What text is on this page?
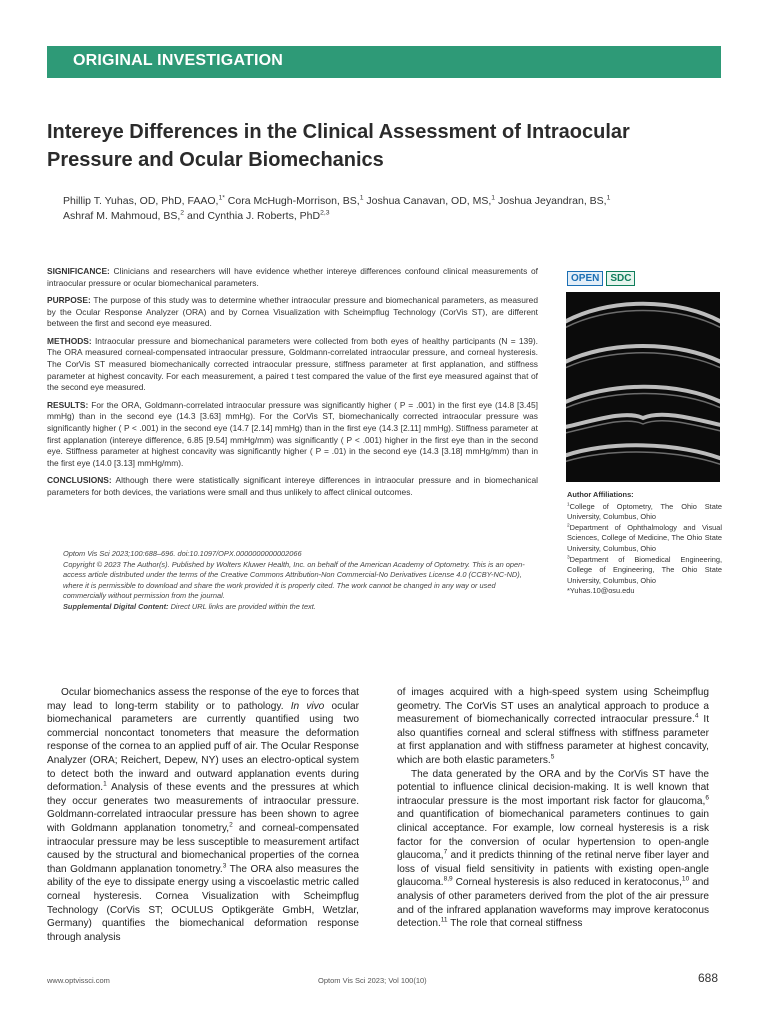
ORIGINAL INVESTIGATION
Intereye Differences in the Clinical Assessment of Intraocular Pressure and Ocular Biomechanics
Phillip T. Yuhas, OD, PhD, FAAO,$^{1*}$ Cora McHugh-Morrison, BS,$^1$ Joshua Canavan, OD, MS,$^1$ Joshua Jeyandran, BS,$^1$
Ashraf M. Mahmoud, BS,$^2$ and Cynthia J. Roberts, PhD$^{2,3}$

SIGNIFICANCE: Clinicians and researchers will have evidence whether intereye differences confound clinical measurements of intraocular pressure or ocular biomechanical parameters.

PURPOSE: The purpose of this study was to determine whether intraocular pressure and biomechanical parameters, as measured by the Ocular Response Analyzer (ORA) and by Cornea Visualization with Scheimpflug Technology (CorVis ST), are different between the first and second eye measured.

METHODS: Intraocular pressure and biomechanical parameters were collected from both eyes of healthy participants (N = 139). The ORA measured corneal-compensated intraocular pressure, Goldmann-correlated intraocular pressure, and corneal hysteresis. The CorVis ST measured biomechanically corrected intraocular pressure, stiffness parameter at first applanation, and stiffness parameter at highest concavity. For each measurement, a paired t test compared the value of the first eye measured against that of the second eye measured.

RESULTS: For the ORA, Goldmann-correlated intraocular pressure was significantly higher ( P = .001) in the first eye (14.8 [3.45] mmHg) than in the second eye (14.3 [3.63] mmHg). For the CorVis ST, biomechanically corrected intraocular pressure was significantly higher ( P < .001) in the second eye (14.7 [2.14] mmHg) than in the first eye (14.3 [2.11] mmHg). Stiffness parameter at first applanation (intereye difference, 6.85 [9.54] mmHg/mm) was significantly ( P < .001) higher in the first eye than in the second eye. Stiffness parameter at highest concavity was significantly higher ( P = .01) in the second eye (14.3 [3.18] mmHg/mm) than in the first eye (14.0 [3.13] mmHg/mm).

CONCLUSIONS: Although there were statistically significant intereye differences in intraocular pressure and in biomechanical parameters for both devices, the variations were small and thus unlikely to affect clinical outcomes.

Optom Vis Sci 2023;100:688–696. doi:10.1097/OPX.0000000000002066

Copyright © 2023 The Author(s). Published by Wolters Kluwer Health, Inc. on behalf of the American Academy of Optometry. This is an open-access article distributed under the terms of the Creative Commons Attribution-Non Commercial-No Derivatives License 4.0 (CCBY-NC-ND), where it is permissible to download and share the work provided it is properly cited. The work cannot be changed in any way or used commercially without permission from the journal.

Supplemental Digital Content: Direct URL links are provided within the text.

OPEN SDC

Author Affiliations:

$^1$College of Optometry, The Ohio State University, Columbus, Ohio

$^2$Department of Ophthalmology and Visual Sciences, College of Medicine, The Ohio State University, Columbus, Ohio

$^3$Department of Biomedical Engineering, College of Engineering, The Ohio State University, Columbus, Ohio

*Yuhas.10@osu.edu

Ocular biomechanics assess the response of the eye to forces that may lead to long-term stability or to pathology. In vivo ocular biomechanical parameters are currently quantified using two commercial noncontact tonometers that measure the deformation response of the cornea to an applied puff of air. The Ocular Response Analyzer (ORA; Reichert, Depew, NY) uses an electro-optical system to detect both the inward and outward applanation events during deformation.$^1$ Analysis of these events and the pressures at which they occur generates two measurements of intraocular pressure. Goldmann-correlated intraocular pressure has been shown to agree with Goldmann applanation tonometry,$^2$ and corneal-compensated intraocular pressure may be less susceptible to measurement artifact caused by the structural and biomechanical properties of the cornea than Goldmann applanation tonometry.$^3$ The ORA also measures the ability of the eye to dissipate energy using a viscoelastic metric called corneal hysteresis. Cornea Visualization with Scheimpflug Technology (CorVis ST; OCULUS Optikgeräte GmbH, Wetzlar, Germany) quantifies the biomechanical deformation response through analysis

of images acquired with a high-speed system using Scheimpflug geometry. The CorVis ST uses an analytical approach to produce a measurement of biomechanically corrected intraocular pressure.$^4$ It also quantifies corneal and scleral stiffness with stiffness parameter at first applanation and with stiffness parameter at highest concavity, which are both elastic parameters.$^5$

The data generated by the ORA and by the CorVis ST have the potential to influence clinical decision-making. It is well known that intraocular pressure is the most important risk factor for glaucoma,$^6$ and quantification of biomechanical parameters continues to gain clinical acceptance. For example, low corneal hysteresis is a risk factor for the conversion of ocular hypertension to open-angle glaucoma,$^7$ and it predicts thinning of the retinal nerve fiber layer and loss of visual field sensitivity in patients with existing open-angle glaucoma.$^{8,9}$ Corneal hysteresis is also reduced in keratoconus,$^{10}$ and analysis of other parameters derived from the plot of the air pressure and of the infrared applanation waveforms may improve keratoconus detection.$^{11}$ The role that corneal stiffness

www.optvissci.com	Optom Vis Sci 2023; Vol 100(10)	688
